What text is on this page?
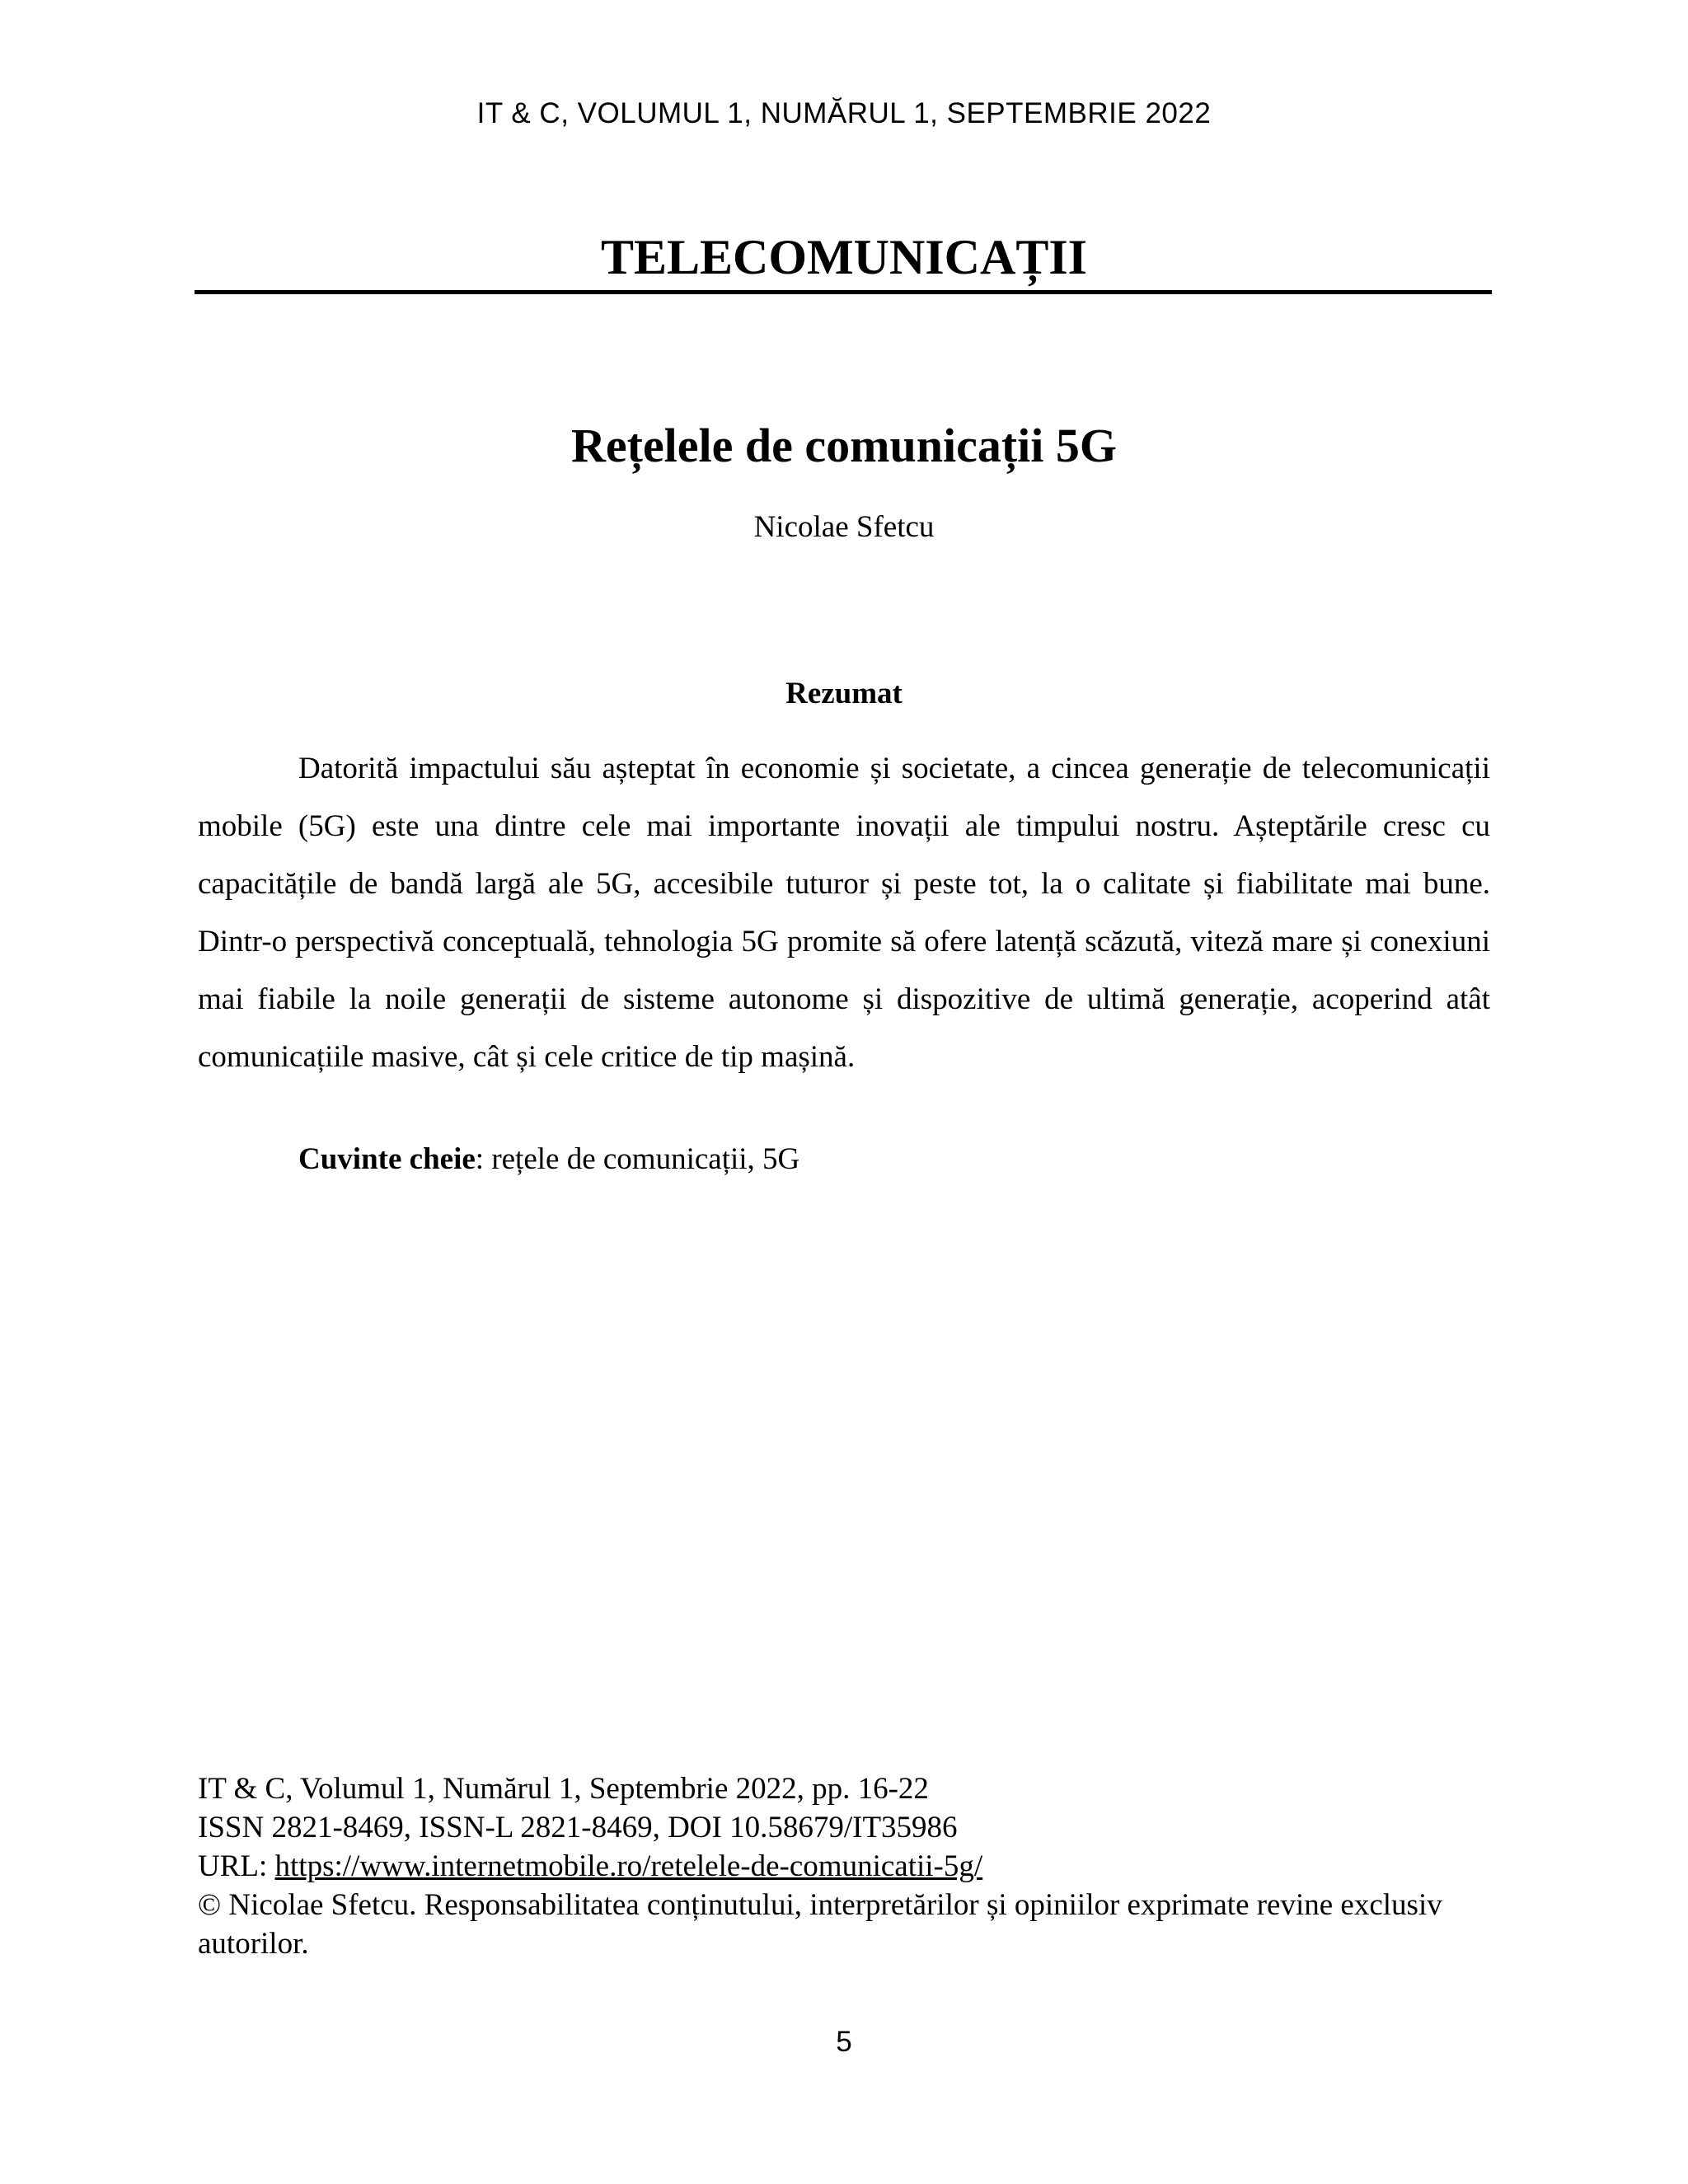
IT & C, VOLUMUL 1, NUMĂRUL 1, SEPTEMBRIE 2022
TELECOMUNICAȚII
Rețelele de comunicații 5G
Nicolae Sfetcu
Rezumat

Datorită impactului său așteptat în economie și societate, a cincea generație de telecomunicații mobile (5G) este una dintre cele mai importante inovații ale timpului nostru. Așteptările cresc cu capacitățile de bandă largă ale 5G, accesibile tuturor și peste tot, la o calitate și fiabilitate mai bune. Dintr-o perspectivă conceptuală, tehnologia 5G promite să ofere latență scăzută, viteză mare și conexiuni mai fiabile la noile generații de sisteme autonome și dispozitive de ultimă generație, acoperind atât comunicațiile masive, cât și cele critice de tip mașină.

Cuvinte cheie: rețele de comunicații, 5G
IT & C, Volumul 1, Numărul 1, Septembrie 2022, pp. 16-22
ISSN 2821-8469, ISSN-L 2821-8469, DOI 10.58679/IT35986
URL: https://www.internetmobile.ro/retelele-de-comunicatii-5g/
© Nicolae Sfetcu. Responsabilitatea conținutului, interpretărilor și opiniilor exprimate revine exclusiv autorilor.
5
